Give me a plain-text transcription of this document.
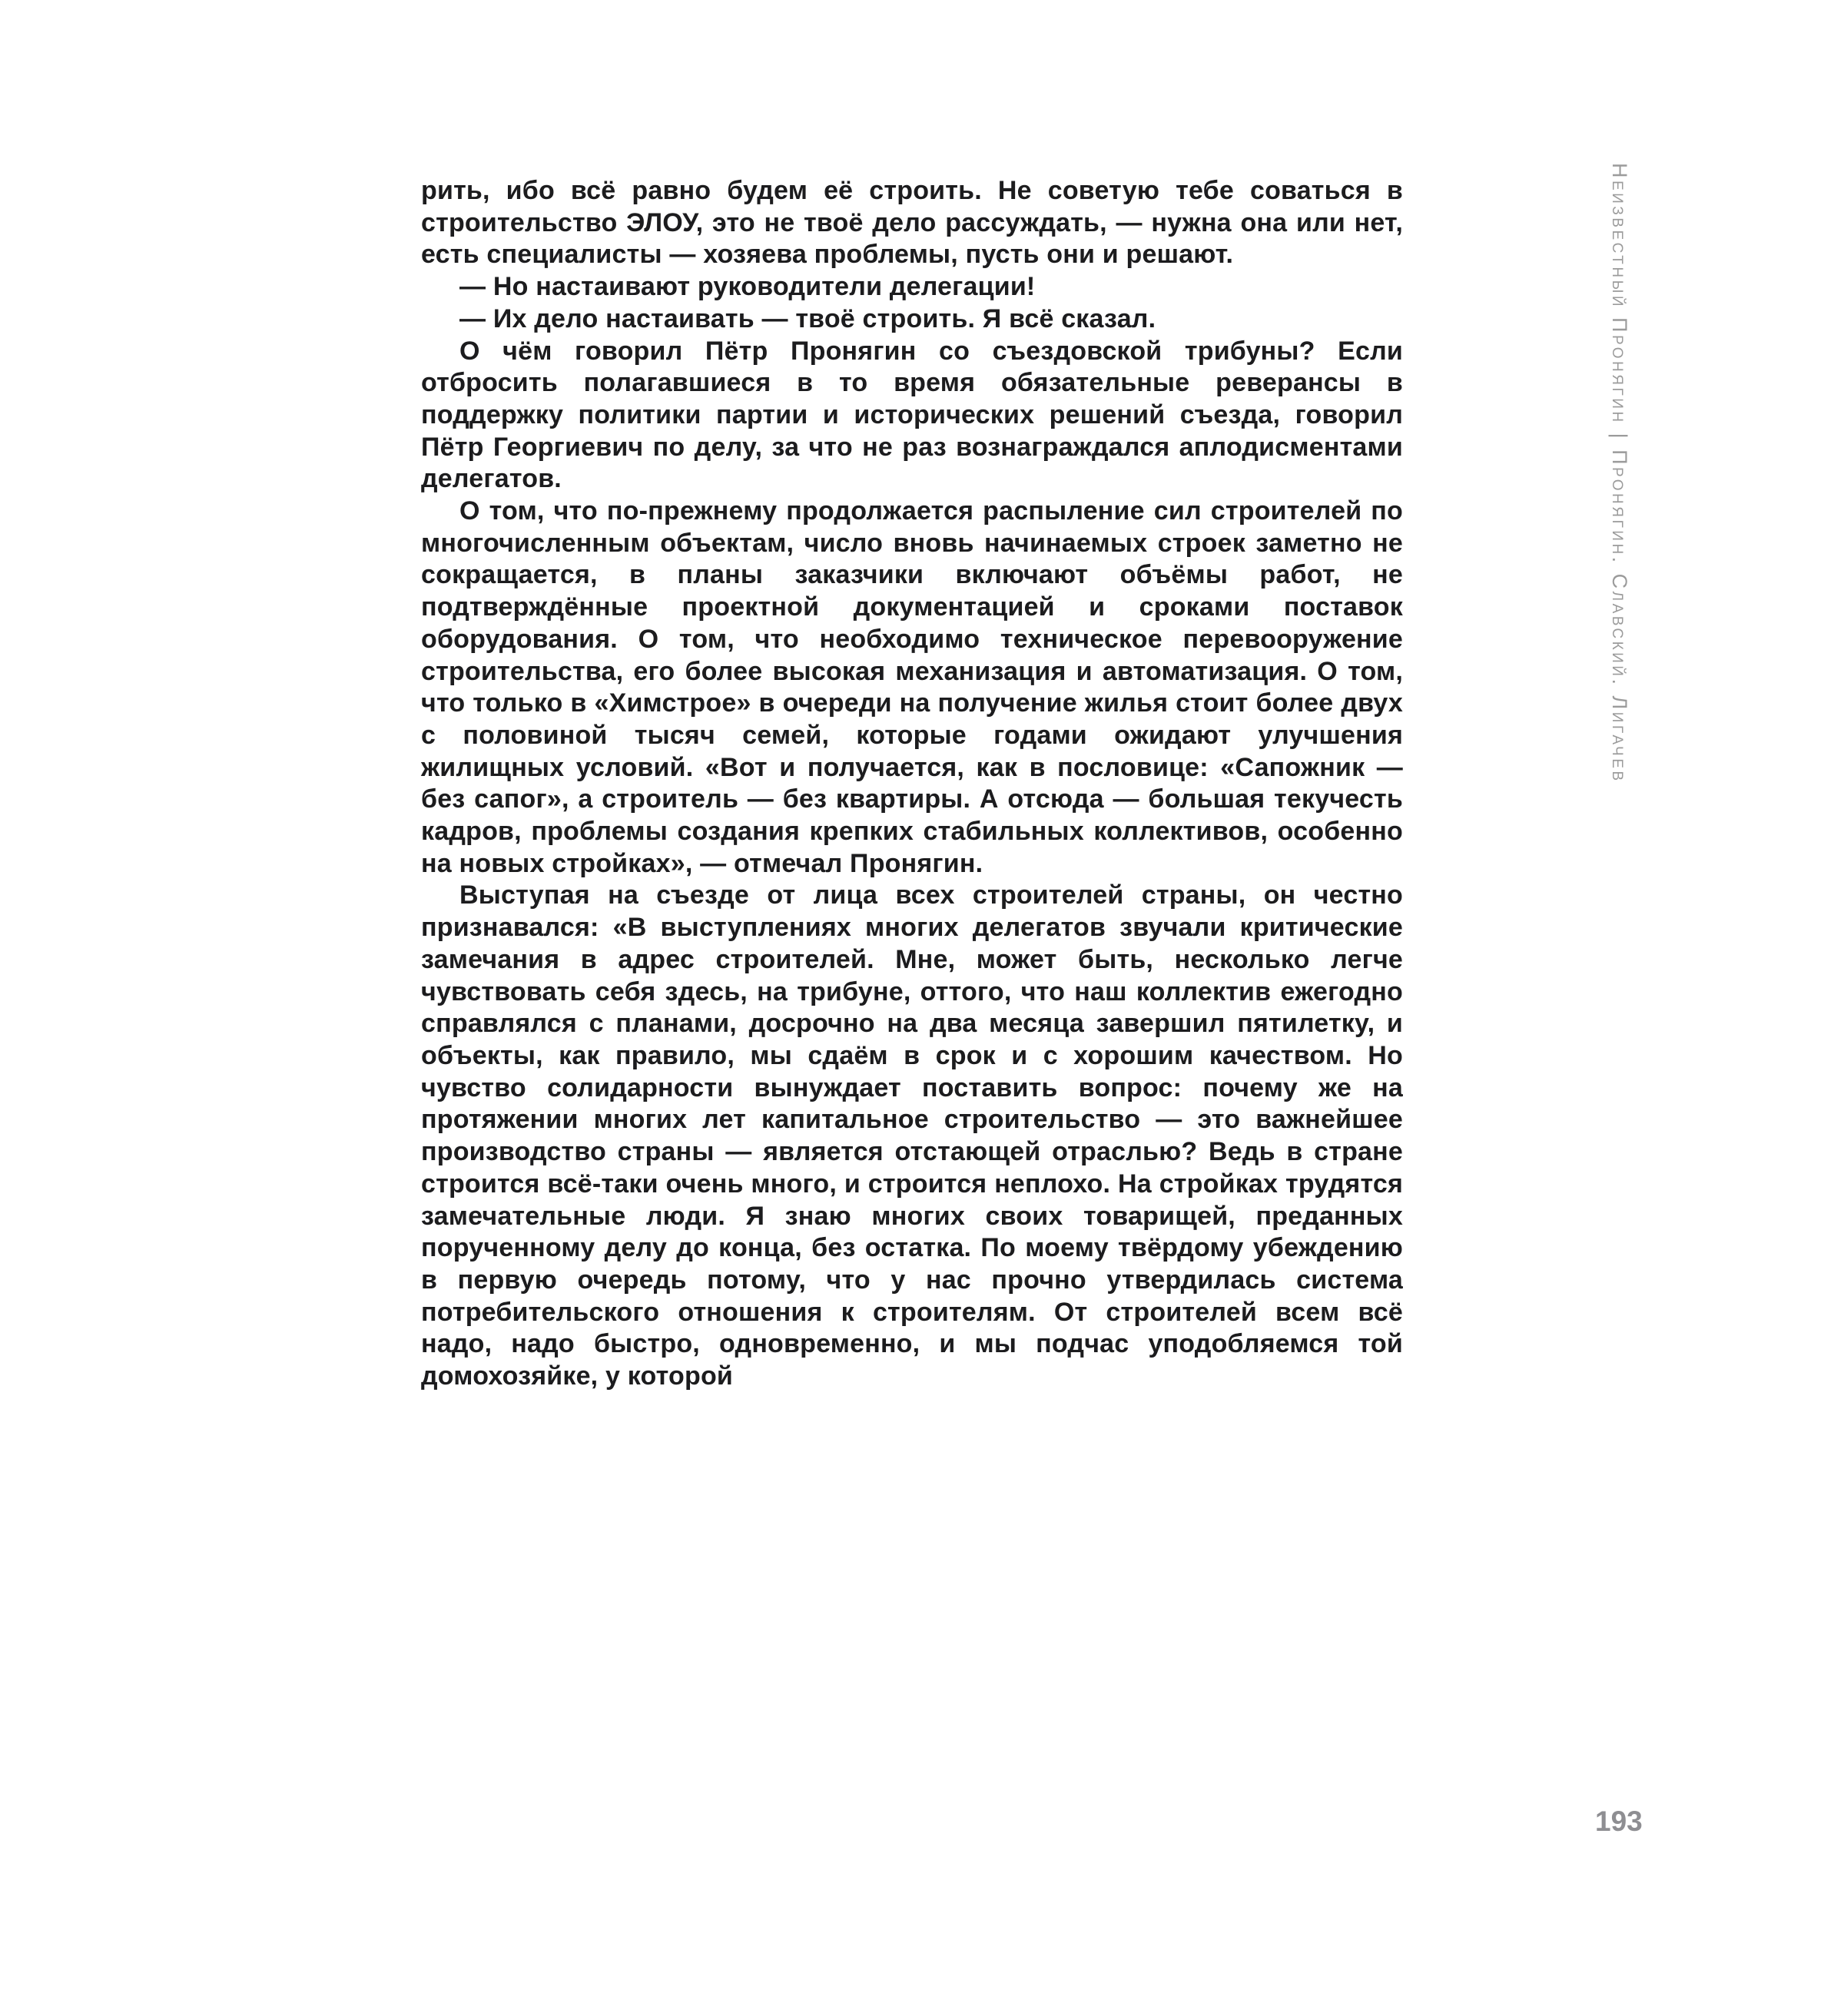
рить, ибо всё равно будем её строить. Не советую тебе соваться в строительство ЭЛОУ, это не твоё дело рассуждать, — нужна она или нет, есть специалисты — хозяева проблемы, пусть они и решают.

— Но настаивают руководители делегации!

— Их дело настаивать — твоё строить. Я всё сказал.

О чём говорил Пётр Пронягин со съездовской трибуны? Если отбросить полагавшиеся в то время обязательные реверансы в поддержку политики партии и исторических решений съезда, говорил Пётр Георгиевич по делу, за что не раз вознаграждался аплодисментами делегатов.

О том, что по-прежнему продолжается распыление сил строителей по многочисленным объектам, число вновь начинаемых строек заметно не сокращается, в планы заказчики включают объёмы работ, не подтверждённые проектной документацией и сроками поставок оборудования. О том, что необходимо техническое перевооружение строительства, его более высокая механизация и автоматизация. О том, что только в «Химстрое» в очереди на получение жилья стоит более двух с половиной тысяч семей, которые годами ожидают улучшения жилищных условий. «Вот и получается, как в пословице: «Сапожник — без сапог», а строитель — без квартиры. А отсюда — большая текучесть кадров, проблемы создания крепких стабильных коллективов, особенно на новых стройках», — отмечал Пронягин.

Выступая на съезде от лица всех строителей страны, он честно признавался: «В выступлениях многих делегатов звучали критические замечания в адрес строителей. Мне, может быть, несколько легче чувствовать себя здесь, на трибуне, оттого, что наш коллектив ежегодно справлялся с планами, досрочно на два месяца завершил пятилетку, и объекты, как правило, мы сдаём в срок и с хорошим качеством. Но чувство солидарности вынуждает поставить вопрос: почему же на протяжении многих лет капитальное строительство — это важнейшее производство страны — является отстающей отраслью? Ведь в стране строится всё-таки очень много, и строится неплохо. На стройках трудятся замечательные люди. Я знаю многих своих товарищей, преданных порученному делу до конца, без остатка. По моему твёрдому убеждению в первую очередь потому, что у нас прочно утвердилась система потребительского отношения к строителям. От строителей всем всё надо, надо быстро, одновременно, и мы подчас уподобляемся той домохозяйке, у которой

Неизвестный Пронягин | Пронягин. Славский. Лигачев
193
